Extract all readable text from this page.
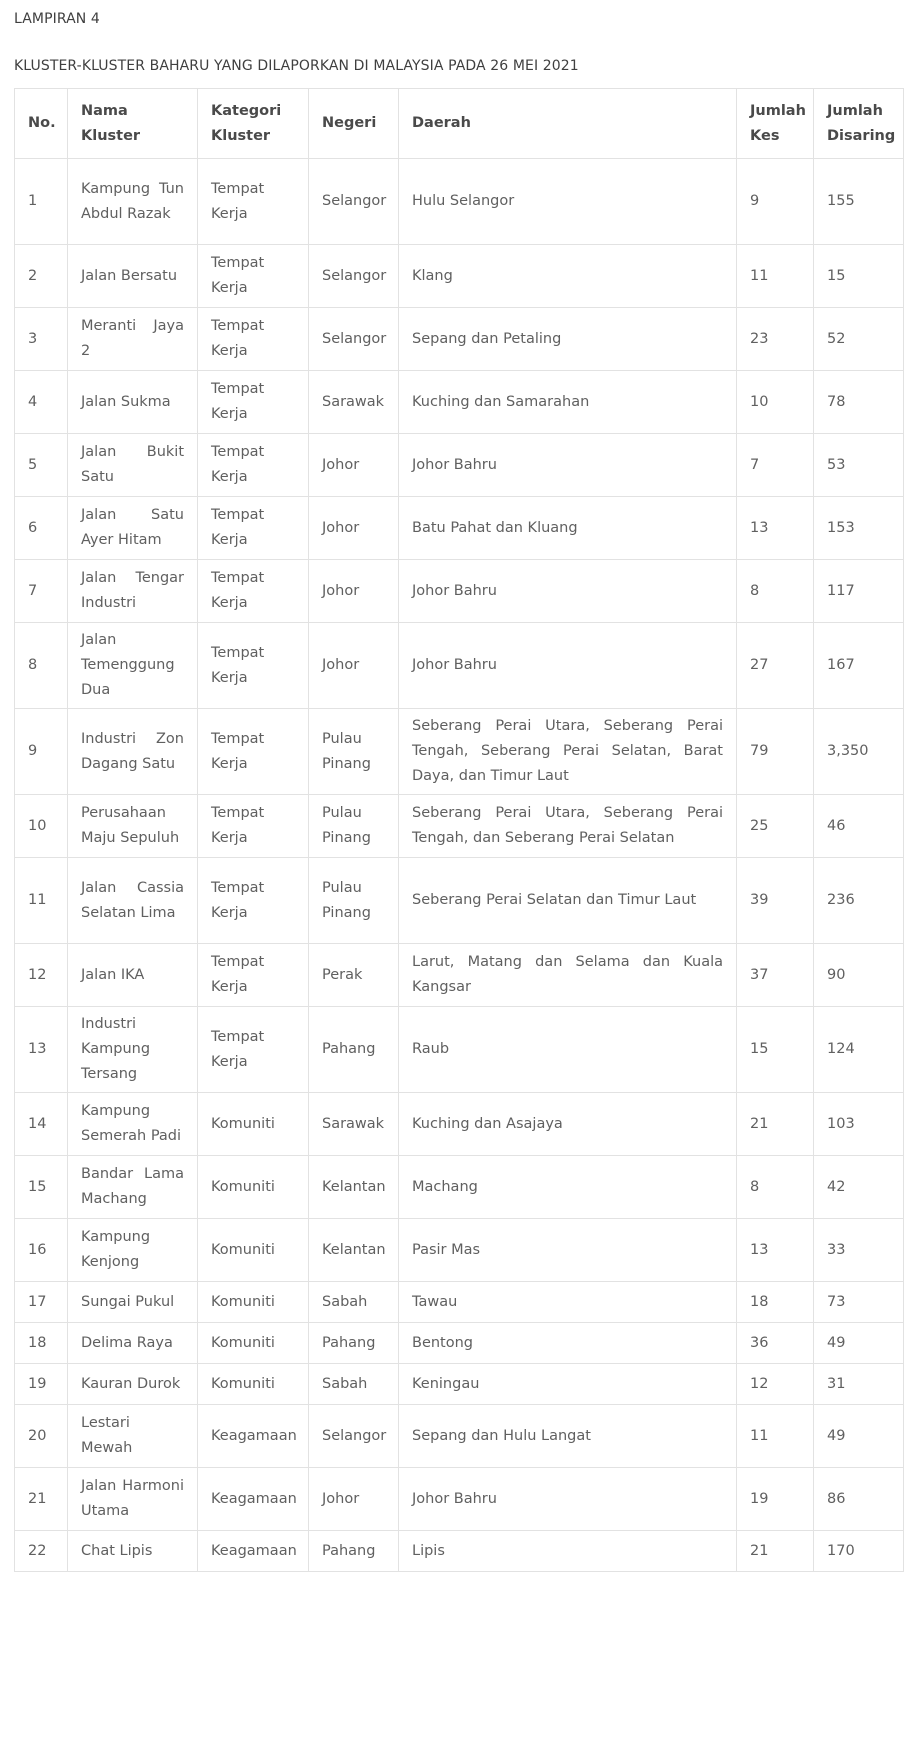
LAMPIRAN 4
KLUSTER-KLUSTER BAHARU YANG DILAPORKAN DI MALAYSIA PADA 26 MEI 2021
No.	Nama Kluster	Kategori Kluster	Negeri	Daerah	Jumlah Kes	Jumlah Disaring
1	Kampung Tun Abdul Razak	Tempat Kerja	Selangor	Hulu Selangor	9	155
2	Jalan Bersatu	Tempat Kerja	Selangor	Klang	11	15
3	Meranti Jaya 2	Tempat Kerja	Selangor	Sepang dan Petaling	23	52
4	Jalan Sukma	Tempat Kerja	Sarawak	Kuching dan Samarahan	10	78
5	Jalan Bukit Satu	Tempat Kerja	Johor	Johor Bahru	7	53
6	Jalan Satu Ayer Hitam	Tempat Kerja	Johor	Batu Pahat dan Kluang	13	153
7	Jalan Tengar Industri	Tempat Kerja	Johor	Johor Bahru	8	117
8	Jalan Temenggung Dua	Tempat Kerja	Johor	Johor Bahru	27	167
9	Industri Zon Dagang Satu	Tempat Kerja	Pulau Pinang	Seberang Perai Utara, Seberang Perai Tengah, Seberang Perai Selatan, Barat Daya, dan Timur Laut	79	3,350
10	Perusahaan Maju Sepuluh	Tempat Kerja	Pulau Pinang	Seberang Perai Utara, Seberang Perai Tengah, dan Seberang Perai Selatan	25	46
11	Jalan Cassia Selatan Lima	Tempat Kerja	Pulau Pinang	Seberang Perai Selatan dan Timur Laut	39	236
12	Jalan IKA	Tempat Kerja	Perak	Larut, Matang dan Selama dan Kuala Kangsar	37	90
13	Industri Kampung Tersang	Tempat Kerja	Pahang	Raub	15	124
14	Kampung Semerah Padi	Komuniti	Sarawak	Kuching dan Asajaya	21	103
15	Bandar Lama Machang	Komuniti	Kelantan	Machang	8	42
16	Kampung Kenjong	Komuniti	Kelantan	Pasir Mas	13	33
17	Sungai Pukul	Komuniti	Sabah	Tawau	18	73
18	Delima Raya	Komuniti	Pahang	Bentong	36	49
19	Kauran Durok	Komuniti	Sabah	Keningau	12	31
20	Lestari Mewah	Keagamaan	Selangor	Sepang dan Hulu Langat	11	49
21	Jalan Harmoni Utama	Keagamaan	Johor	Johor Bahru	19	86
22	Chat Lipis	Keagamaan	Pahang	Lipis	21	170
